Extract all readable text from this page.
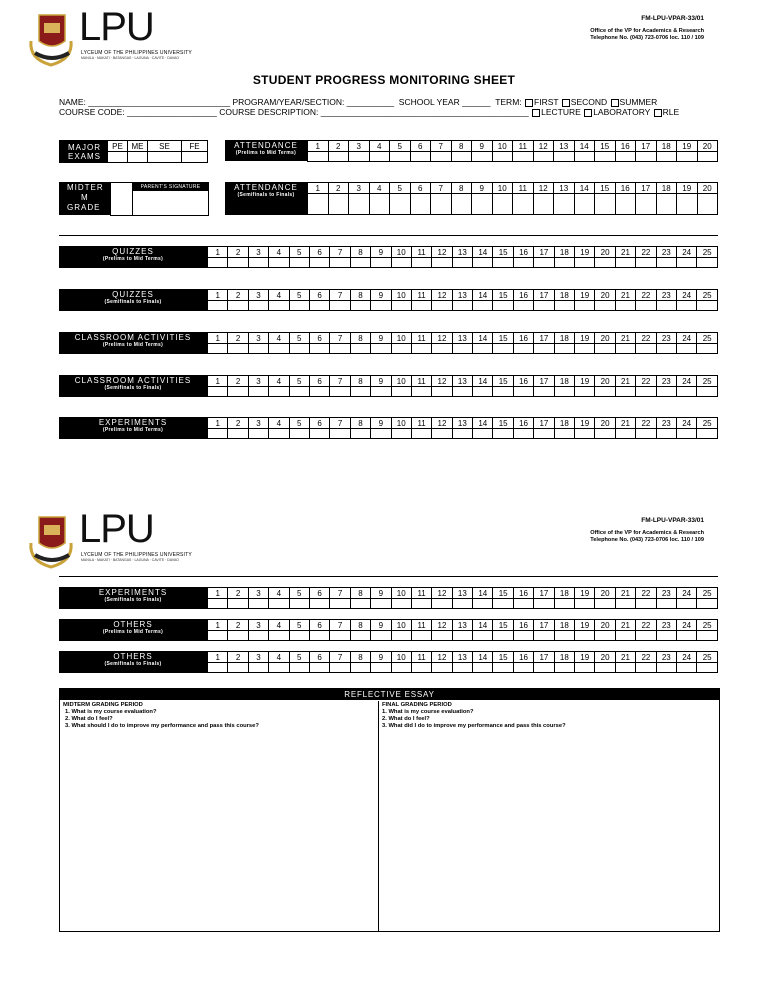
LPU
LYCEUM OF THE PHILIPPINES UNIVERSITY
MANILA · MAKATI · BATANGAS · LAGUNA · CAVITE · DAVAO
FM-LPU-VPAR-33/01
Office of the VP for Academics & Research
Telephone No. (043) 723-0706 loc. 110 / 109
STUDENT PROGRESS MONITORING SHEET
NAME: ______________________________ PROGRAM/YEAR/SECTION: __________ SCHOOL YEAR ______ TERM: FIRST SECOND SUMMER
COURSE CODE: ___________________ COURSE DESCRIPTION: ____________________________________________ LECTURE LABORATORY RLE
MAJOR
EXAMS	PE	ME	SE	FE

MIDTER
M
GRADE
PARENT'S SIGNATURE
ATTENDANCE
(Prelims to Mid Terms)
1	2	3	4	5	6	7	8	9	10	11	12	13	14	15	16	17	18	19	20

ATTENDANCE
(Semifinals to Finals)
1	2	3	4	5	6	7	8	9	10	11	12	13	14	15	16	17	18	19	20

QUIZZES
(Prelims to Mid Terms)
1	2	3	4	5	6	7	8	9	10	11	12	13	14	15	16	17	18	19	20	21	22	23	24	25

QUIZZES
(Semifinals to Finals)
1	2	3	4	5	6	7	8	9	10	11	12	13	14	15	16	17	18	19	20	21	22	23	24	25

CLASSROOM ACTIVITIES
(Prelims to Mid Terms)
1	2	3	4	5	6	7	8	9	10	11	12	13	14	15	16	17	18	19	20	21	22	23	24	25

CLASSROOM ACTIVITIES
(Semifinals to Finals)
1	2	3	4	5	6	7	8	9	10	11	12	13	14	15	16	17	18	19	20	21	22	23	24	25

EXPERIMENTS
(Prelims to Mid Terms)
1	2	3	4	5	6	7	8	9	10	11	12	13	14	15	16	17	18	19	20	21	22	23	24	25

LPU
LYCEUM OF THE PHILIPPINES UNIVERSITY
MANILA · MAKATI · BATANGAS · LAGUNA · CAVITE · DAVAO
FM-LPU-VPAR-33/01
Office of the VP for Academics & Research
Telephone No. (043) 723-0706 loc. 110 / 109
EXPERIMENTS
(Semifinals to Finals)
1	2	3	4	5	6	7	8	9	10	11	12	13	14	15	16	17	18	19	20	21	22	23	24	25

OTHERS
(Prelims to Mid Terms)
1	2	3	4	5	6	7	8	9	10	11	12	13	14	15	16	17	18	19	20	21	22	23	24	25

OTHERS
(Semifinals to Finals)
1	2	3	4	5	6	7	8	9	10	11	12	13	14	15	16	17	18	19	20	21	22	23	24	25

REFLECTIVE ESSAY
MIDTERM GRADING PERIOD
1. What is my course evaluation?
2. What do I feel?
3. What should I do to improve my performance and pass this course?
FINAL GRADING PERIOD
1. What is my course evaluation?
2. What do I feel?
3. What did I do to improve my performance and pass this course?
